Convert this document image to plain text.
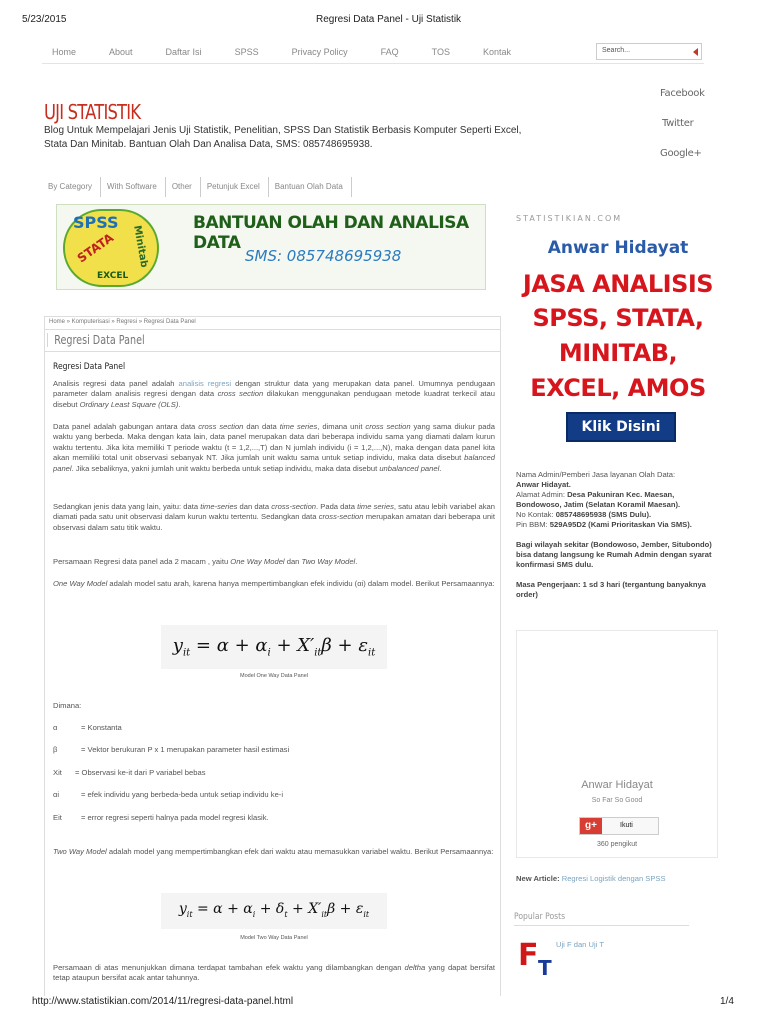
5/23/2015	Regresi Data Panel - Uji Statistik
http://www.statistikian.com/2014/11/regresi-data-panel.html	1/4
Home	About	Daftar Isi	SPSS	Privacy Policy	FAQ	TOS	Kontak	Search...
Facebook
Twitter
Google+
UJI STATISTIK
Blog Untuk Mempelajari Jenis Uji Statistik, Penelitian, SPSS Dan Statistik Berbasis Komputer Seperti Excel, Stata Dan Minitab. Bantuan Olah Dan Analisa Data, SMS: 085748695938.
By Category With Software Other Petunjuk Excel Bantuan Olah Data
SPSS
STATA Minitab
EXCEL
BANTUAN OLAH DAN ANALISA DATA
SMS: 085748695938
Home » Komputerisasi » Regresi » Regresi Data Panel
Regresi Data Panel
Regresi Data Panel
Analisis regresi data panel adalah analisis regresi dengan struktur data yang merupakan data panel. Umumnya pendugaan parameter dalam analisis regresi dengan data cross section dilakukan menggunakan pendugaan metode kuadrat terkecil atau disebut Ordinary Least Square (OLS).
Data panel adalah gabungan antara data cross section dan data time series, dimana unit cross section yang sama diukur pada waktu yang berbeda. Maka dengan kata lain, data panel merupakan data dari beberapa individu sama yang diamati dalam kurun waktu tertentu. Jika kita memiliki T periode waktu (t = 1,2,...,T) dan N jumlah individu (i = 1,2,...,N), maka dengan data panel kita akan memiliki total unit observasi sebanyak NT. Jika jumlah unit waktu sama untuk setiap individu, maka data disebut balanced panel. Jika sebaliknya, yakni jumlah unit waktu berbeda untuk setiap individu, maka data disebut unbalanced panel.
Sedangkan jenis data yang lain, yaitu: data time-series dan data cross-section. Pada data time series, satu atau lebih variabel akan diamati pada satu unit observasi dalam kurun waktu tertentu. Sedangkan data cross-section merupakan amatan dari beberapa unit observasi dalam satu titik waktu.
Persamaan Regresi data panel ada 2 macam , yaitu One Way Model dan Two Way Model.
One Way Model adalah model satu arah, karena hanya mempertimbangkan efek individu (αi) dalam model. Berikut Persamaannya:
$y_{it} = \alpha + \alpha_i + X'_{it}\beta + \varepsilon_{it}$
Model One Way Data Panel
Dimana:
α	= Konstanta
β	= Vektor berukuran P x 1 merupakan parameter hasil estimasi
Xit = Observasi ke-it dari P variabel bebas
αi	= efek individu yang berbeda-beda untuk setiap individu ke-i
Eit	= error regresi seperti halnya pada model regresi klasik.
Two Way Model adalah model yang mempertimbangkan efek dari waktu atau memasukkan variabel waktu. Berikut Persamaannya:
$y_{it} = \alpha + \alpha_i + \delta_t + X'_{it}\beta + \varepsilon_{it}$
Model Two Way Data Panel
Persamaan di atas menunjukkan dimana terdapat tambahan efek waktu yang dilambangkan dengan deltha yang dapat bersifat tetap ataupun bersifat acak antar tahunnya.
STATISTIKIAN.COM
Anwar Hidayat
JASA ANALISIS
SPSS, STATA,
MINITAB,
EXCEL, AMOS
Klik Disini
Nama Admin/Pemberi Jasa layanan Olah Data:
Anwar Hidayat.
Alamat Admin: Desa Pakuniran Kec. Maesan, Bondowoso, Jatim (Selatan Koramil Maesan).
No Kontak: 085748695938 (SMS Dulu).
Pin BBM: 529A95D2 (Kami Prioritaskan Via SMS).
Bagi wilayah sekitar (Bondowoso, Jember, Situbondo) bisa datang langsung ke Rumah Admin dengan syarat konfirmasi SMS dulu.
Masa Pengerjaan: 1 sd 3 hari (tergantung banyaknya order)
Anwar Hidayat
So Far So Good
g+	Ikuti
360 pengikut
New Article: Regresi Logistik dengan SPSS
Popular Posts
F T
Uji F dan Uji T
